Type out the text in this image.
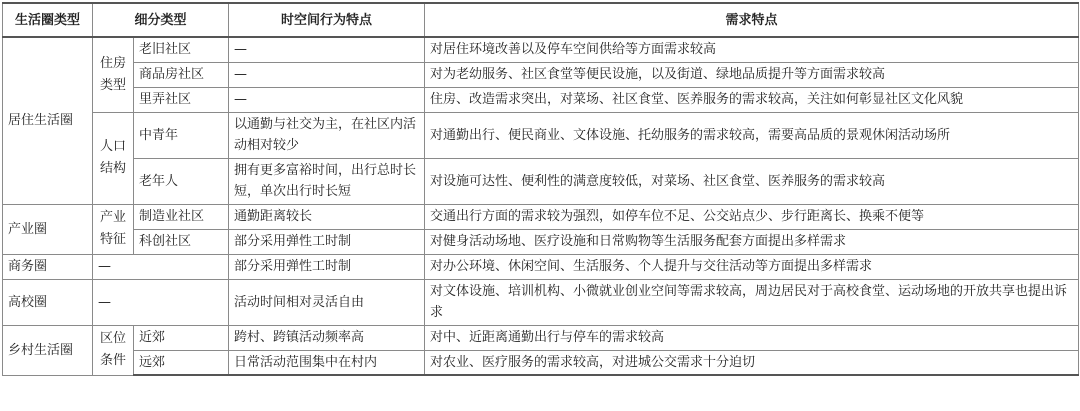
生活圈类型	细分类型		时空间行为特点	需求特点
居住生活圈	住房类型	老旧社区	—	对居住环境改善以及停车空间供给等方面需求较高
		商品房社区	—	对为老幼服务、社区食堂等便民设施，以及街道、绿地品质提升等方面需求较高
		里弄社区	—	住房、改造需求突出，对菜场、社区食堂、医养服务的需求较高，关注如何彰显社区文化风貌
	人口结构	中青年	以通勤与社交为主，在社区内活动相对较少	对通勤出行、便民商业、文体设施、托幼服务的需求较高，需要高品质的景观休闲活动场所
		老年人	拥有更多富裕时间，出行总时长短，单次出行时长短	对设施可达性、便利性的满意度较低，对菜场、社区食堂、医养服务的需求较高
产业圈	产业特征	制造业社区	通勤距离较长	交通出行方面的需求较为强烈，如停车位不足、公交站点少、步行距离长、换乘不便等
		科创社区	部分采用弹性工时制	对健身活动场地、医疗设施和日常购物等生活服务配套方面提出多样需求
商务圈	—		部分采用弹性工时制	对办公环境、休闲空间、生活服务、个人提升与交往活动等方面提出多样需求
高校圈	—		活动时间相对灵活自由	对文体设施、培训机构、小微就业创业空间等需求较高，周边居民对于高校食堂、运动场地的开放共享也提出诉求
乡村生活圈	区位条件	近郊	跨村、跨镇活动频率高	对中、近距离通勤出行与停车的需求较高
		远郊	日常活动范围集中在村内	对农业、医疗服务的需求较高，对进城公交需求十分迫切
